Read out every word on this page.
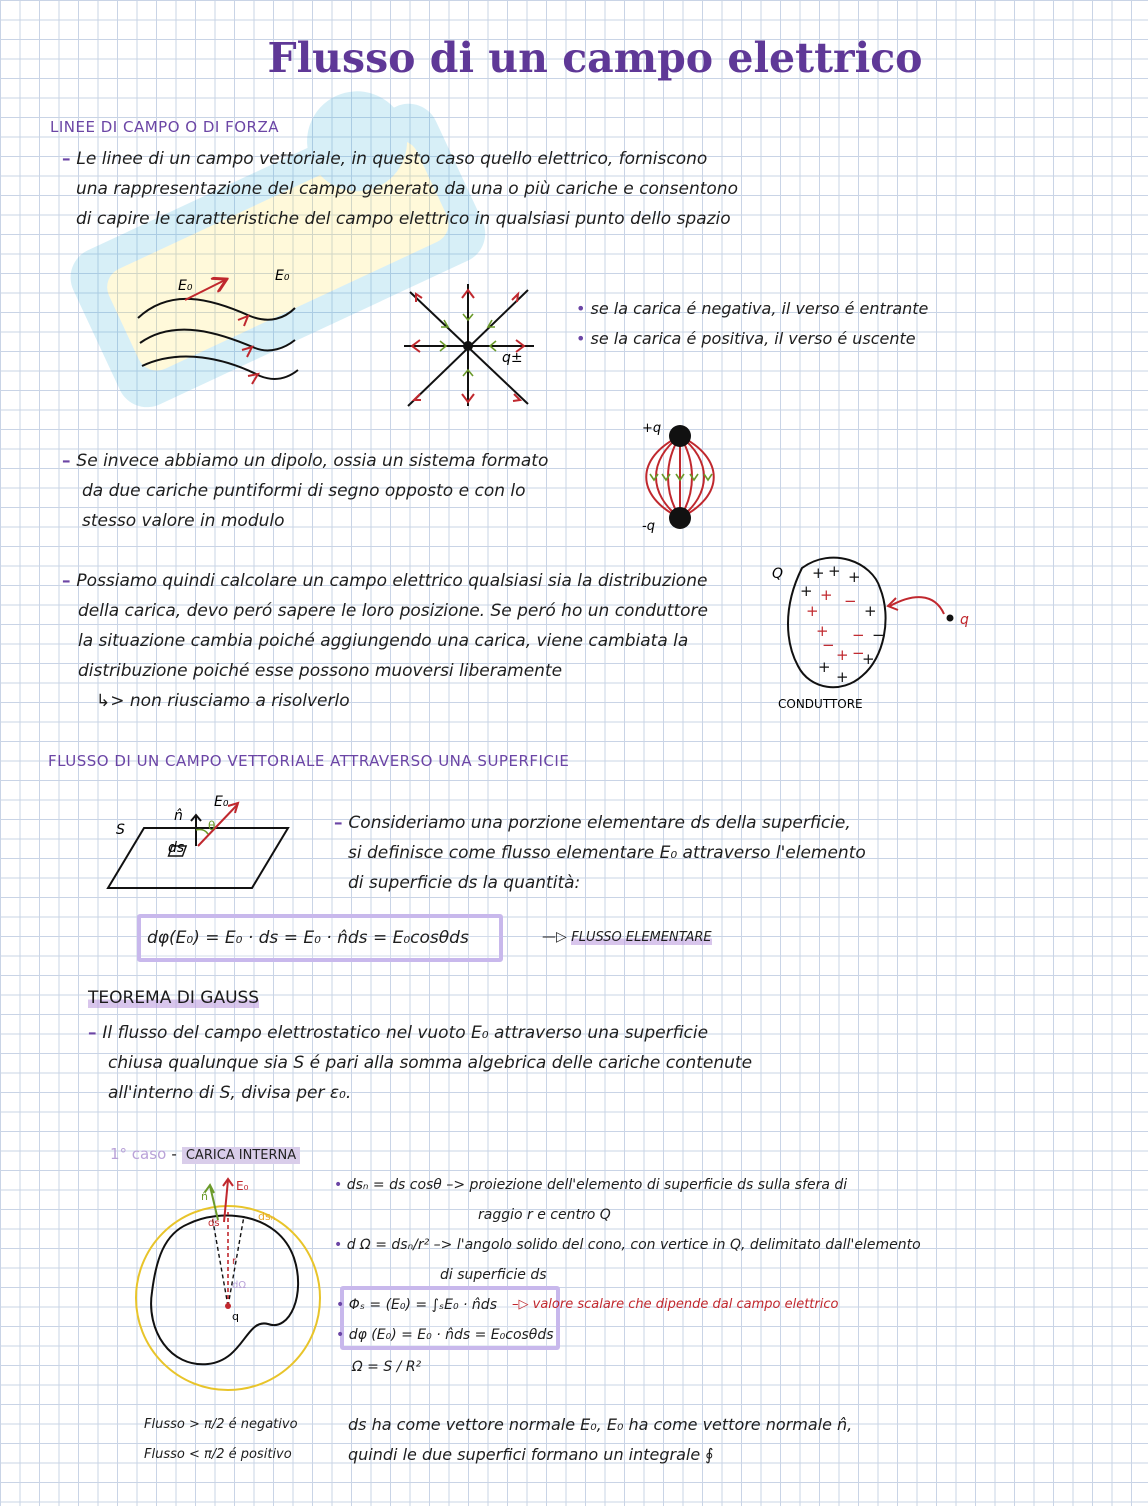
Flusso di un campo elettrico
LINEE DI CAMPO O DI FORZA
– Le linee di un campo vettoriale, in questo caso quello elettrico, forniscono
una rappresentazione del campo generato da una o più cariche e consentono
di capire le caratteristiche del campo elettrico in qualsiasi punto dello spazio
E₀
E₀
q±
• se la carica é negativa, il verso é entrante
• se la carica é positiva, il verso é uscente
– Se invece abbiamo un dipolo, ossia un sistema formato
da due cariche puntiformi di segno opposto e con lo
stesso valore in modulo
+q
-q
– Possiamo quindi calcolare un campo elettrico qualsiasi sia la distribuzione
della carica, devo peró sapere le loro posizione. Se peró ho un conduttore
la situazione cambia poiché aggiungendo una carica, viene cambiata la
distribuzione poiché esse possono muoversi liberamente
↳> non riusciamo a risolverlo
Q + + +
+
+
−
+
+
+
+
+
−
+ −
+ −
−
q
CONDUTTORE
FLUSSO DI UN CAMPO VETTORIALE ATTRAVERSO UNA SUPERFICIE
S
ds
n̂
E₀
θ	– Consideriamo una porzione elementare ds della superficie,
si definisce come flusso elementare E₀ attraverso l'elemento
di superficie ds la quantità:
dφ(E₀) = E₀ · ds = E₀ · n̂ds = E₀cosθds	—▷ FLUSSO ELEMENTARE
TEOREMA DI GAUSS
– Il flusso del campo elettrostatico nel vuoto E₀ attraverso una superficie
chiusa qualunque sia S é pari alla somma algebrica delle cariche contenute
all'interno di S, divisa per ε₀.
1° caso - CARICA INTERNA
n̂
E₀
ds
dsₙ
r
dΩ
q
• dsₙ = ds cosθ –> proiezione dell'elemento di superficie ds sulla sfera di
raggio r e centro Q
• d Ω = dsₙ/r² –> l'angolo solido del cono, con vertice in Q, delimitato dall'elemento
di superficie ds
• Φₛ = (E₀) = ∫ₛE₀ · n̂ds –▷ valore scalare che dipende dal campo elettrico
• dφ (E₀) = E₀ · n̂ds = E₀cosθds
Ω = S / R²
Flusso > π/2 é negativo
Flusso < π/2 é positivo
ds ha come vettore normale E₀, E₀ ha come vettore normale n̂,
quindi le due superfici formano un integrale ∮
